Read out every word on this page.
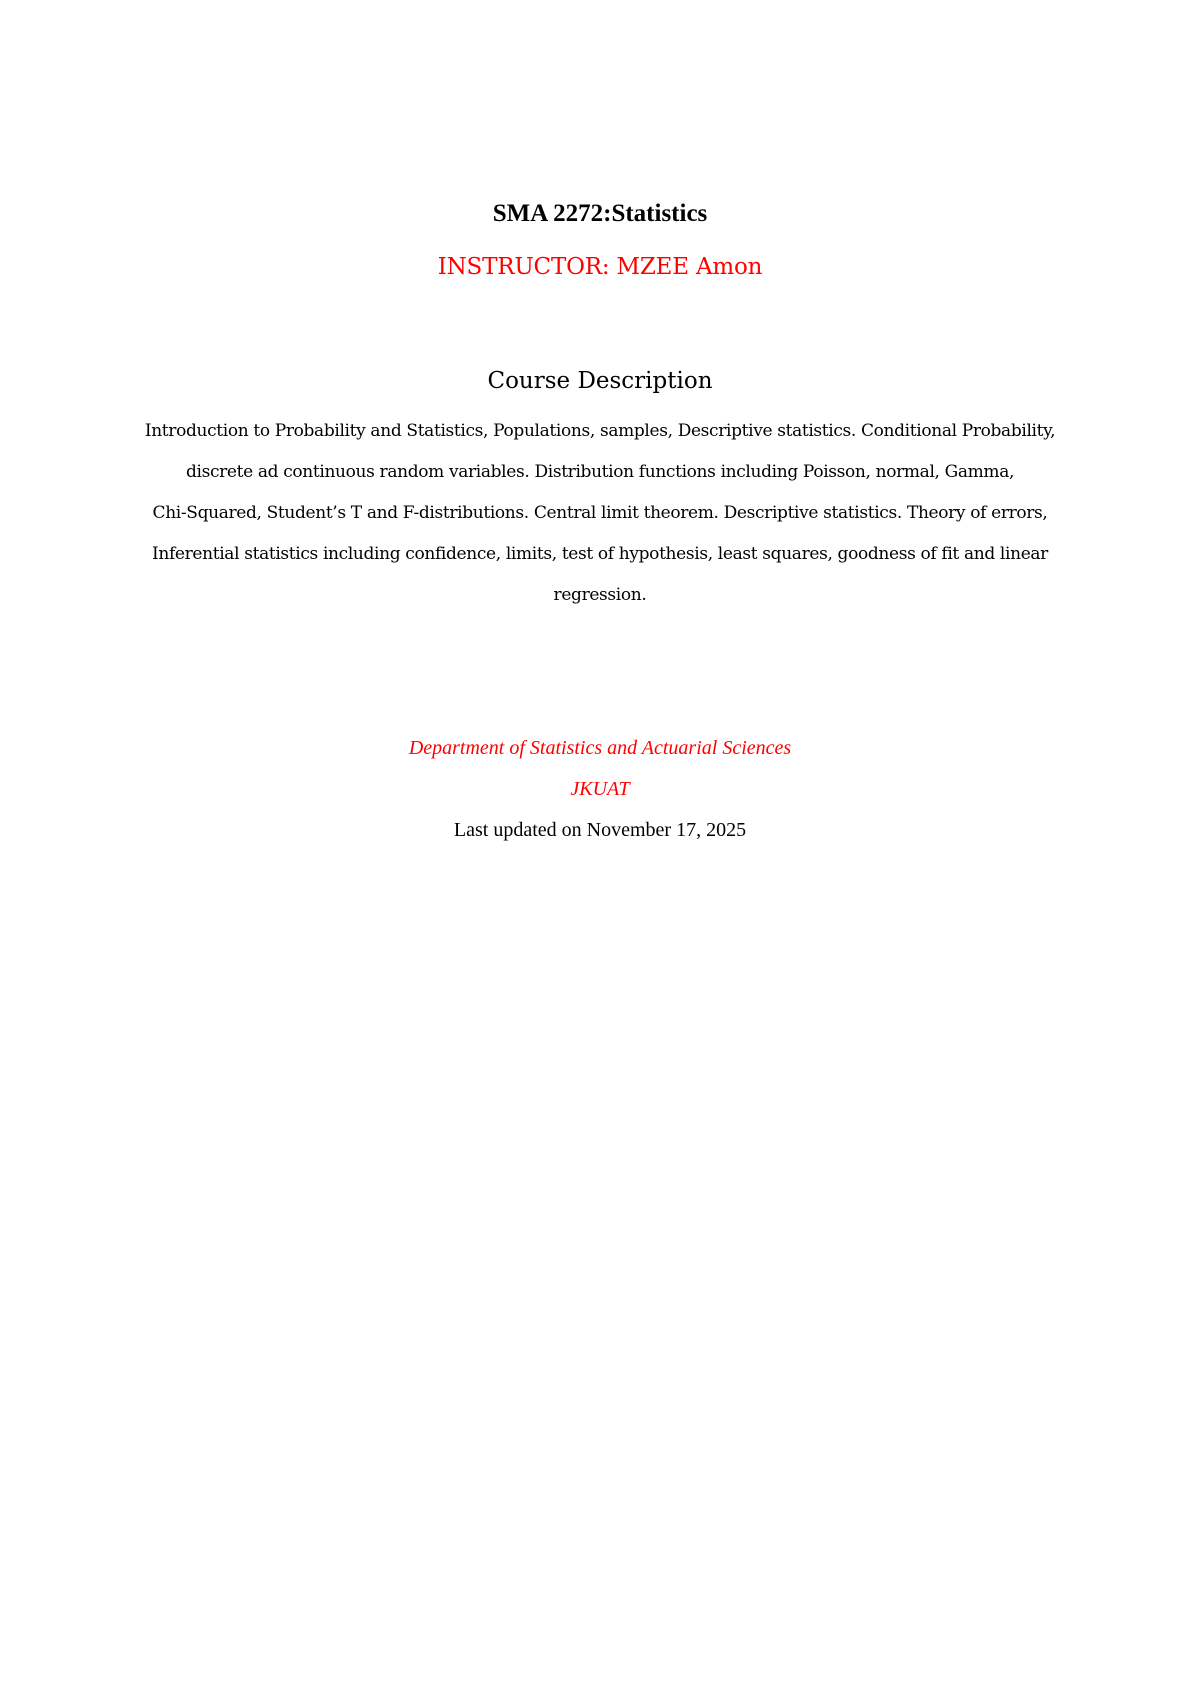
SMA 2272:Statistics
INSTRUCTOR: MZEE Amon
Course Description
Introduction to Probability and Statistics, Populations, samples, Descriptive statistics. Conditional Probability,
discrete ad continuous random variables. Distribution functions including Poisson, normal, Gamma,
Chi-Squared, Student’s T and F-distributions. Central limit theorem. Descriptive statistics. Theory of errors,
Inferential statistics including confidence, limits, test of hypothesis, least squares, goodness of fit and linear
regression.
Department of Statistics and Actuarial Sciences
JKUAT
Last updated on November 17, 2025
